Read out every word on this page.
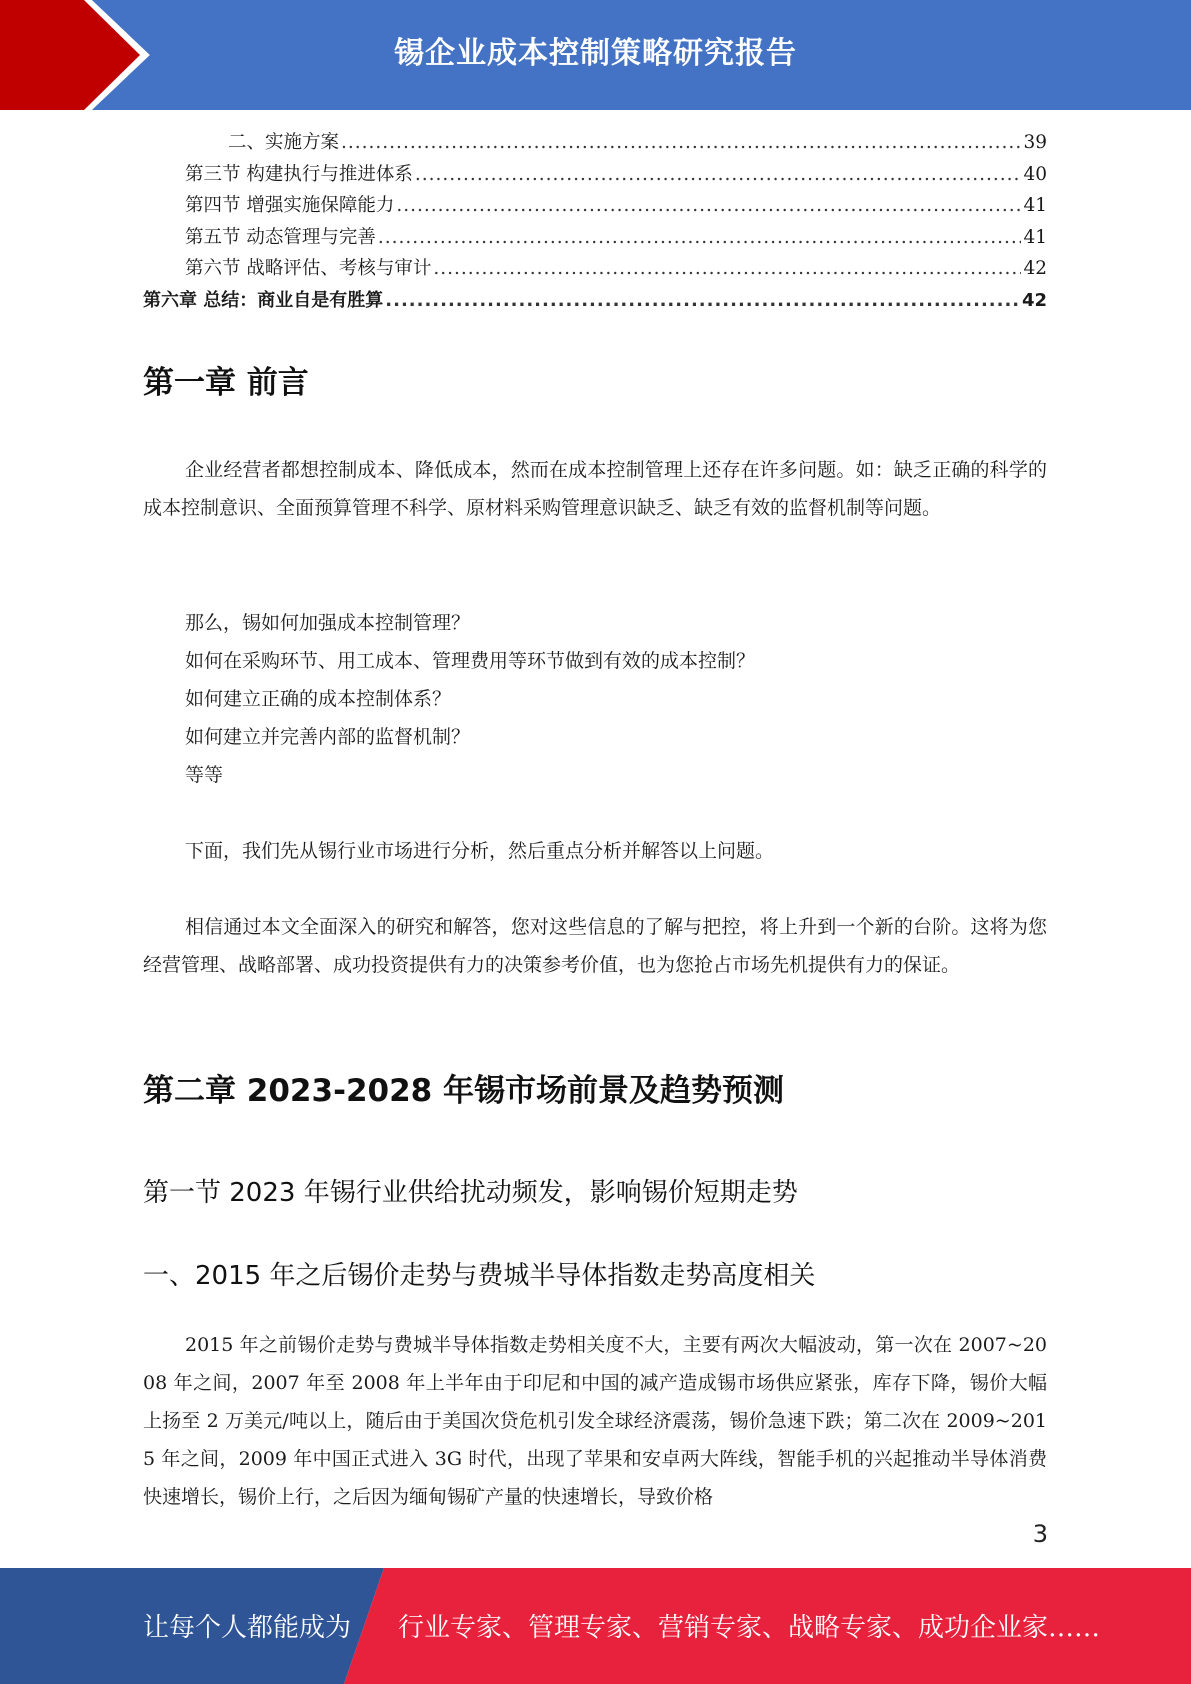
锡企业成本控制策略研究报告
二、实施方案 .....	39
第三节 构建执行与推进体系 .....	40
第四节 增强实施保障能力 .....	41
第五节 动态管理与完善 .....	41
第六节 战略评估、考核与审计 .....	42
第六章 总结：商业自是有胜算 .....	42
第一章 前言

企业经营者都想控制成本、降低成本，然而在成本控制管理上还存在许多问题。如：缺乏正确的科学的成本控制意识、全面预算管理不科学、原材料采购管理意识缺乏、缺乏有效的监督机制等问题。

那么，锡如何加强成本控制管理？
如何在采购环节、用工成本、管理费用等环节做到有效的成本控制？
如何建立正确的成本控制体系？
如何建立并完善内部的监督机制？
等等

下面，我们先从锡行业市场进行分析，然后重点分析并解答以上问题。

相信通过本文全面深入的研究和解答，您对这些信息的了解与把控，将上升到一个新的台阶。这将为您经营管理、战略部署、成功投资提供有力的决策参考价值，也为您抢占市场先机提供有力的保证。

第二章 2023-2028 年锡市场前景及趋势预测
第一节 2023 年锡行业供给扰动频发，影响锡价短期走势
一、2015 年之后锡价走势与费城半导体指数走势高度相关

2015 年之前锡价走势与费城半导体指数走势相关度不大，主要有两次大幅波动，第一次在 2007~2008 年之间，2007 年至 2008 年上半年由于印尼和中国的减产造成锡市场供应紧张，库存下降，锡价大幅上扬至 2 万美元/吨以上，随后由于美国次贷危机引发全球经济震荡，锡价急速下跌；第二次在 2009~2015 年之间，2009 年中国正式进入 3G 时代，出现了苹果和安卓两大阵线，智能手机的兴起推动半导体消费快速增长，锡价上行，之后因为缅甸锡矿产量的快速增长，导致价格

3
让每个人都能成为 行业专家、管理专家、营销专家、战略专家、成功企业家……
